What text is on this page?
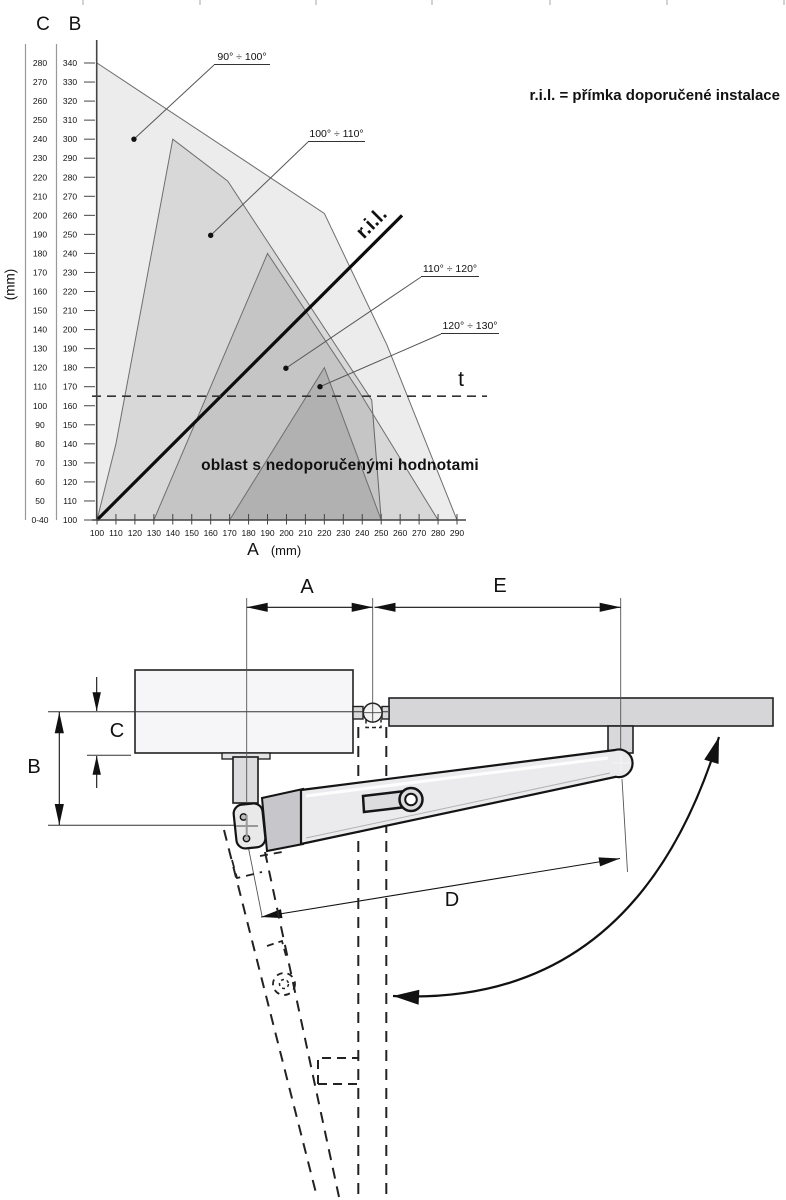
340
280
330
270
320
260
310
250
300
240
290
230
280
220
270
210
260
200
250
190
240
180
230
170
220
160
210
150
200
140
190
130
180
120
170
110
160
100
150
90
140
80
130
70
120
60
110
50
100
0-40
100 110 120 130 140 150 160 170 180 190 200 210 220 230 240 250 260 270 280 290
r.i.l. = přímka doporučené instalace
oblast s nedoporučenými hodnotami
C B
(mm)
A (mm)
t
r.i.l.
A	E
B
C
D
90° ÷ 100°
100° ÷ 110°
110° ÷ 120°
120° ÷ 130°
